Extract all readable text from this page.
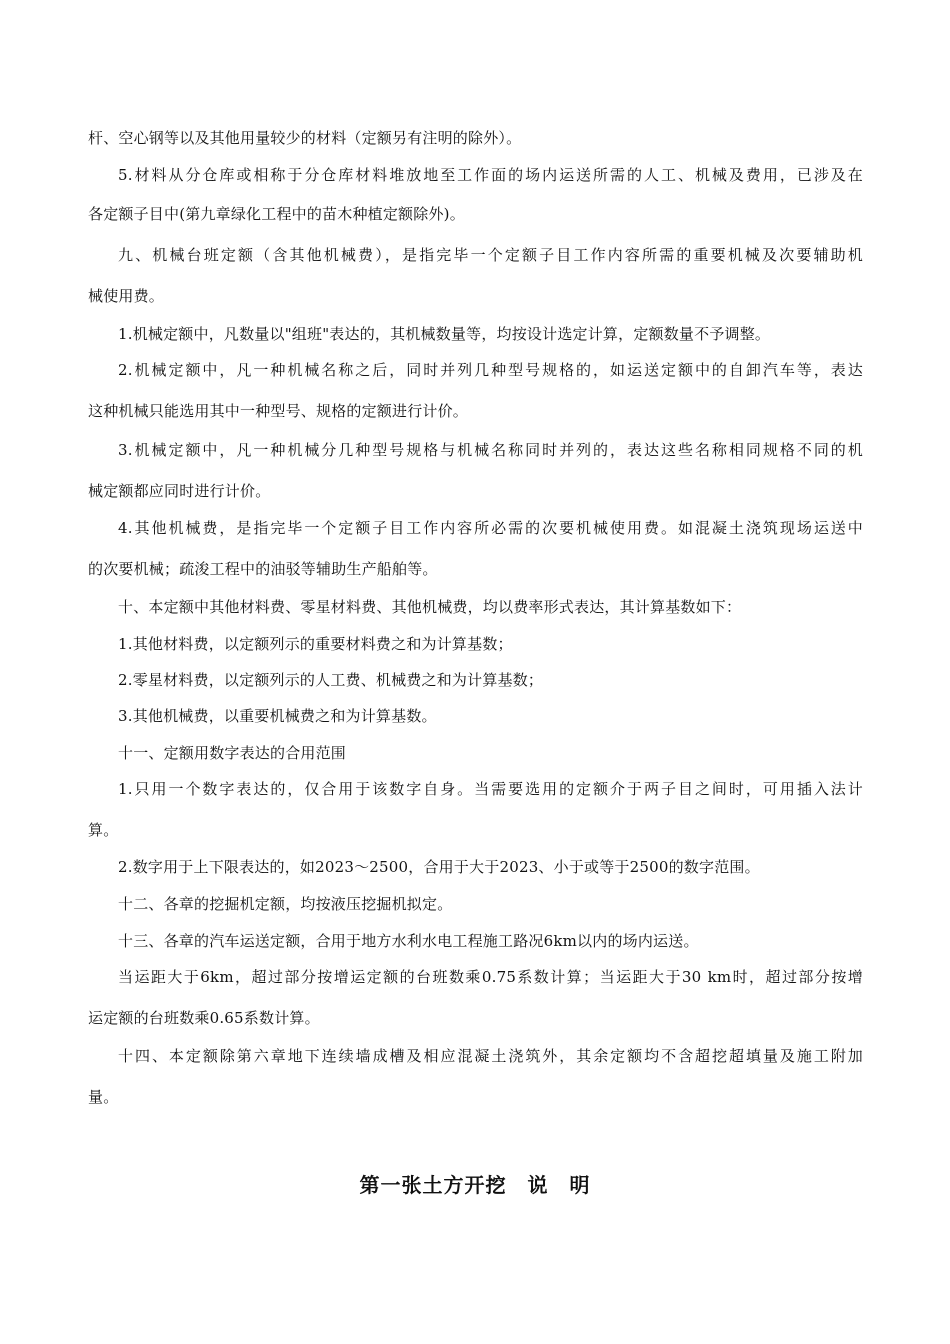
杆、空心钢等以及其他用量较少的材料（定额另有注明的除外）。

5.材料从分仓库或相称于分仓库材料堆放地至工作面的场内运送所需的人工、机械及费用，已涉及在

各定额子目中(第九章绿化工程中的苗木种植定额除外)。

九、机械台班定额（含其他机械费），是指完毕一个定额子目工作内容所需的重要机械及次要辅助机

械使用费。

1.机械定额中，凡数量以"组班"表达的，其机械数量等，均按设计选定计算，定额数量不予调整。

2.机械定额中，凡一种机械名称之后，同时并列几种型号规格的，如运送定额中的自卸汽车等，表达

这种机械只能选用其中一种型号、规格的定额进行计价。

3.机械定额中，凡一种机械分几种型号规格与机械名称同时并列的，表达这些名称相同规格不同的机

械定额都应同时进行计价。

4.其他机械费，是指完毕一个定额子目工作内容所必需的次要机械使用费。如混凝土浇筑现场运送中

的次要机械；疏浚工程中的油驳等辅助生产船舶等。

十、本定额中其他材料费、零星材料费、其他机械费，均以费率形式表达，其计算基数如下：

1.其他材料费，以定额列示的重要材料费之和为计算基数；

2.零星材料费，以定额列示的人工费、机械费之和为计算基数；

3.其他机械费，以重要机械费之和为计算基数。

十一、定额用数字表达的合用范围

1.只用一个数字表达的，仅合用于该数字自身。当需要选用的定额介于两子目之间时，可用插入法计

算。

2.数字用于上下限表达的，如2023～2500，合用于大于2023、小于或等于2500的数字范围。

十二、各章的挖掘机定额，均按液压挖掘机拟定。

十三、各章的汽车运送定额，合用于地方水利水电工程施工路况6km以内的场内运送。

当运距大于6km，超过部分按增运定额的台班数乘0.75系数计算；当运距大于30 km时，超过部分按增

运定额的台班数乘0.65系数计算。

十四、本定额除第六章地下连续墙成槽及相应混凝土浇筑外，其余定额均不含超挖超填量及施工附加

量。

第一张土方开挖　说　明
